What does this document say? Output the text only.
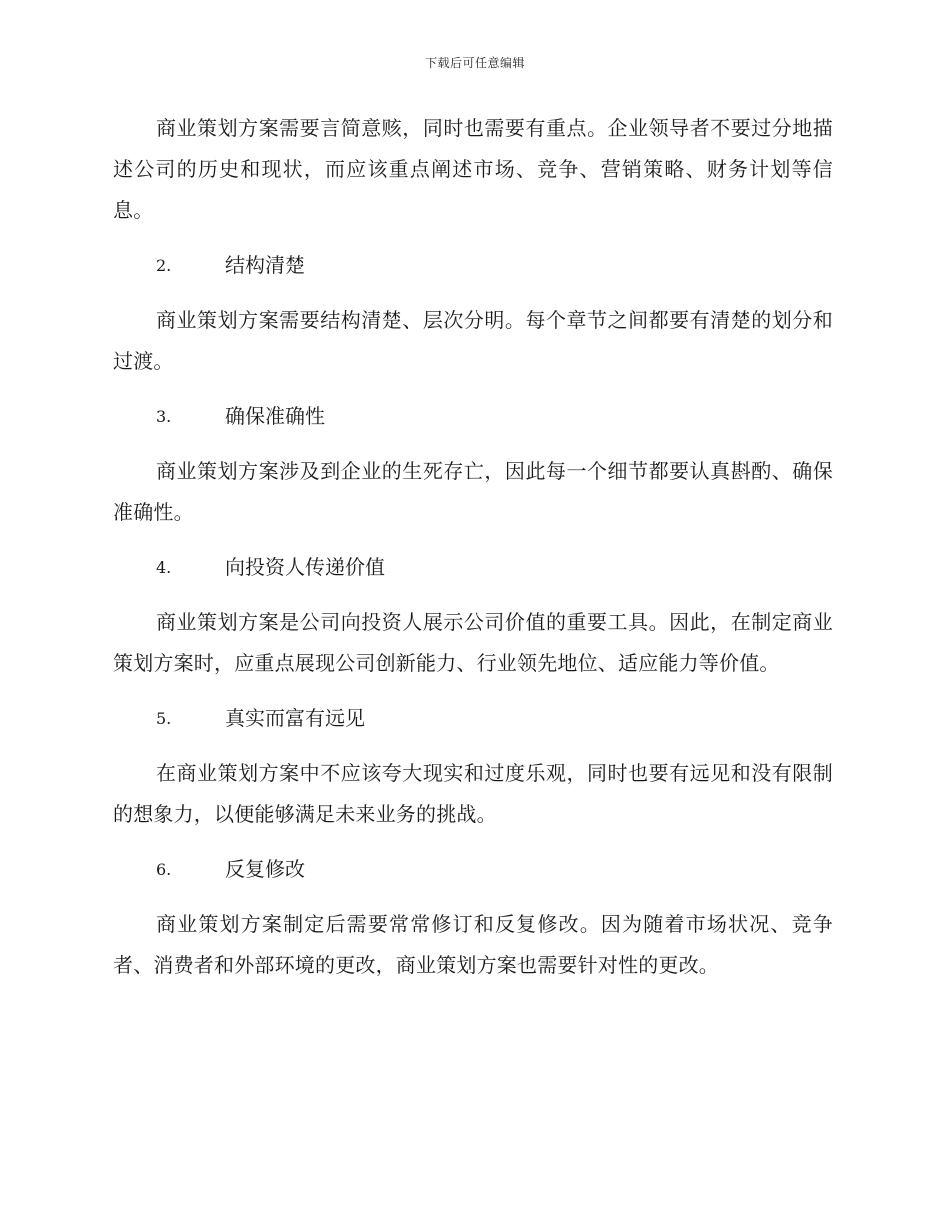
下载后可任意编辑

商业策划方案需要言简意赅，同时也需要有重点。企业领导者不要过分地描述公司的历史和现状，而应该重点阐述市场、竞争、营销策略、财务计划等信息。

2.	结构清楚

商业策划方案需要结构清楚、层次分明。每个章节之间都要有清楚的划分和过渡。

3.	确保准确性

商业策划方案涉及到企业的生死存亡，因此每一个细节都要认真斟酌、确保准确性。

4.	向投资人传递价值

商业策划方案是公司向投资人展示公司价值的重要工具。因此，在制定商业策划方案时，应重点展现公司创新能力、行业领先地位、适应能力等价值。

5.	真实而富有远见

在商业策划方案中不应该夸大现实和过度乐观，同时也要有远见和没有限制的想象力，以便能够满足未来业务的挑战。

6.	反复修改

商业策划方案制定后需要常常修订和反复修改。因为随着市场状况、竞争者、消费者和外部环境的更改，商业策划方案也需要针对性的更改。
